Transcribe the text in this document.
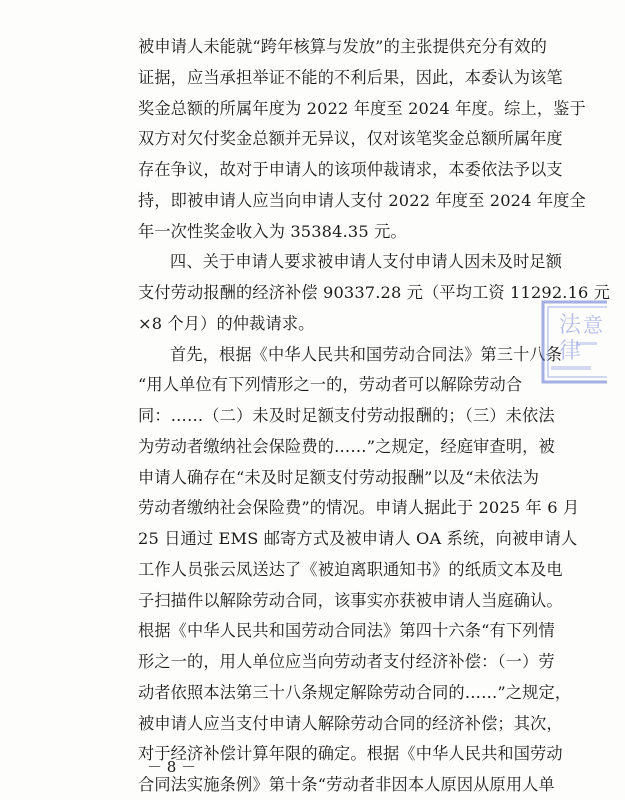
被申请人未能就“跨年核算与发放”的主张提供充分有效的
证据，应当承担举证不能的不利后果，因此，本委认为该笔
奖金总额的所属年度为 2022 年度至 2024 年度。综上，鉴于
双方对欠付奖金总额并无异议，仅对该笔奖金总额所属年度
存在争议，故对于申请人的该项仲裁请求，本委依法予以支
持，即被申请人应当向申请人支付 2022 年度至 2024 年度全
年一次性奖金收入为 35384.35 元。
四、关于申请人要求被申请人支付申请人因未及时足额
支付劳动报酬的经济补偿 90337.28 元（平均工资 11292.16 元
×8 个月）的仲裁请求。
首先，根据《中华人民共和国劳动合同法》第三十八条
“用人单位有下列情形之一的，劳动者可以解除劳动合
同：……（二）未及时足额支付劳动报酬的；（三）未依法
为劳动者缴纳社会保险费的……”之规定，经庭审查明，被
申请人确存在“未及时足额支付劳动报酬”以及“未依法为
劳动者缴纳社会保险费”的情况。申请人据此于 2025 年 6 月
25 日通过 EMS 邮寄方式及被申请人 OA 系统，向被申请人
工作人员张云凤送达了《被迫离职通知书》的纸质文本及电
子扫描件以解除劳动合同，该事实亦获被申请人当庭确认。
根据《中华人民共和国劳动合同法》第四十六条“有下列情
形之一的，用人单位应当向劳动者支付经济补偿：（一）劳
动者依照本法第三十八条规定解除劳动合同的……”之规定，
被申请人应当支付申请人解除劳动合同的经济补偿；其次，
对于经济补偿计算年限的确定。根据《中华人民共和国劳动
合同法实施条例》第十条“劳动者非因本人原因从原用人单
法
律
意
－ 8 －
